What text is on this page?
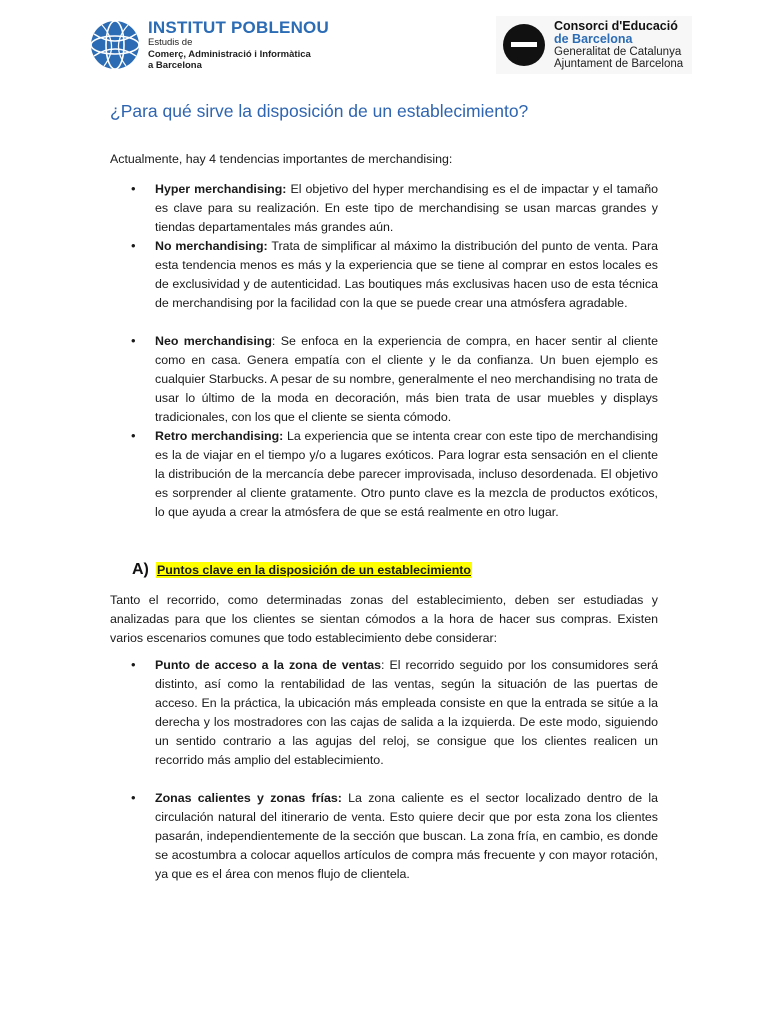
INSTITUT POBLENOU
Estudis de
Comerç, Administració i Informàtica
a Barcelona
Consorci d'Educació
de Barcelona
Generalitat de Catalunya
Ajuntament de Barcelona
¿Para qué sirve la disposición de un establecimiento?
Actualmente, hay 4 tendencias importantes de merchandising:
• Hyper merchandising: El objetivo del hyper merchandising es el de impactar y el tamaño es clave para su realización. En este tipo de merchandising se usan marcas grandes y tiendas departamentales más grandes aún.
• No merchandising: Trata de simplificar al máximo la distribución del punto de venta. Para esta tendencia menos es más y la experiencia que se tiene al comprar en estos locales es de exclusividad y de autenticidad. Las boutiques más exclusivas hacen uso de esta técnica de merchandising por la facilidad con la que se puede crear una atmósfera agradable.
• Neo merchandising: Se enfoca en la experiencia de compra, en hacer sentir al cliente como en casa. Genera empatía con el cliente y le da confianza. Un buen ejemplo es cualquier Starbucks. A pesar de su nombre, generalmente el neo merchandising no trata de usar lo último de la moda en decoración, más bien trata de usar muebles y displays tradicionales, con los que el cliente se sienta cómodo.
• Retro merchandising: La experiencia que se intenta crear con este tipo de merchandising es la de viajar en el tiempo y/o a lugares exóticos. Para lograr esta sensación en el cliente la distribución de la mercancía debe parecer improvisada, incluso desordenada. El objetivo es sorprender al cliente gratamente. Otro punto clave es la mezcla de productos exóticos, lo que ayuda a crear la atmósfera de que se está realmente en otro lugar.
A) Puntos clave en la disposición de un establecimiento
Tanto el recorrido, como determinadas zonas del establecimiento, deben ser estudiadas y analizadas para que los clientes se sientan cómodos a la hora de hacer sus compras. Existen varios escenarios comunes que todo establecimiento debe considerar:
• Punto de acceso a la zona de ventas: El recorrido seguido por los consumidores será distinto, así como la rentabilidad de las ventas, según la situación de las puertas de acceso. En la práctica, la ubicación más empleada consiste en que la entrada se sitúe a la derecha y los mostradores con las cajas de salida a la izquierda. De este modo, siguiendo un sentido contrario a las agujas del reloj, se consigue que los clientes realicen un recorrido más amplio del establecimiento.
• Zonas calientes y zonas frías: La zona caliente es el sector localizado dentro de la circulación natural del itinerario de venta. Esto quiere decir que por esta zona los clientes pasarán, independientemente de la sección que buscan. La zona fría, en cambio, es donde se acostumbra a colocar aquellos artículos de compra más frecuente y con mayor rotación, ya que es el área con menos flujo de clientela.
